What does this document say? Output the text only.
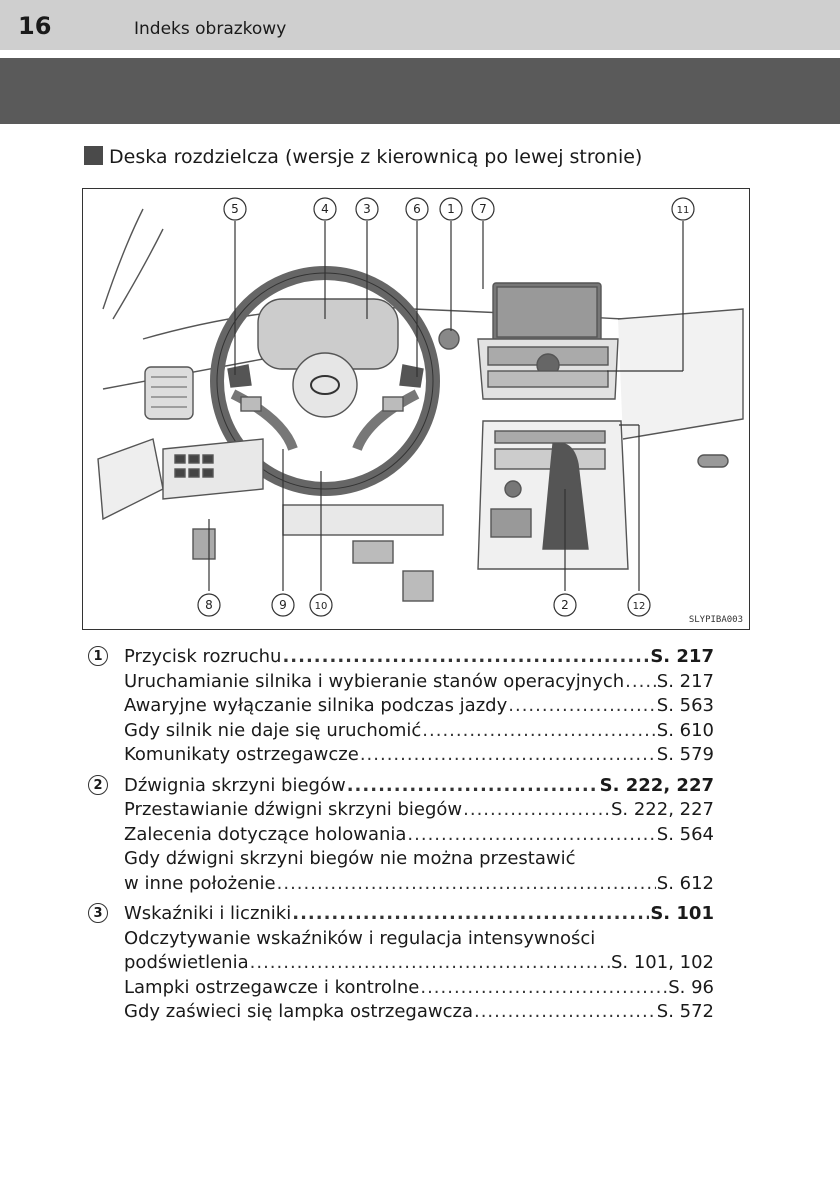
16	Indeks obrazkowy
Deska rozdzielcza (wersje z kierownicą po lewej stronie)
5	4	3	6 1 7	11
8	9	10	2	12
SLYPIBA003
1	Przycisk rozruchu .....	S. 217
Uruchamianie silnika i wybieranie stanów operacyjnych ..... S. 217
Awaryjne wyłączanie silnika podczas jazdy .....	S. 563
Gdy silnik nie daje się uruchomić .....	S. 610
Komunikaty ostrzegawcze .....	S. 579
2	Dźwignia skrzyni biegów .....	S. 222, 227
Przestawianie dźwigni skrzyni biegów .....	S. 222, 227
Zalecenia dotyczące holowania .....	S. 564
Gdy dźwigni skrzyni biegów nie można przestawić
w inne położenie .....	S. 612
3	Wskaźniki i liczniki .....	S. 101
Odczytywanie wskaźników i regulacja intensywności
podświetlenia .....	S. 101, 102
Lampki ostrzegawcze i kontrolne .....	S. 96
Gdy zaświeci się lampka ostrzegawcza .....	S. 572
